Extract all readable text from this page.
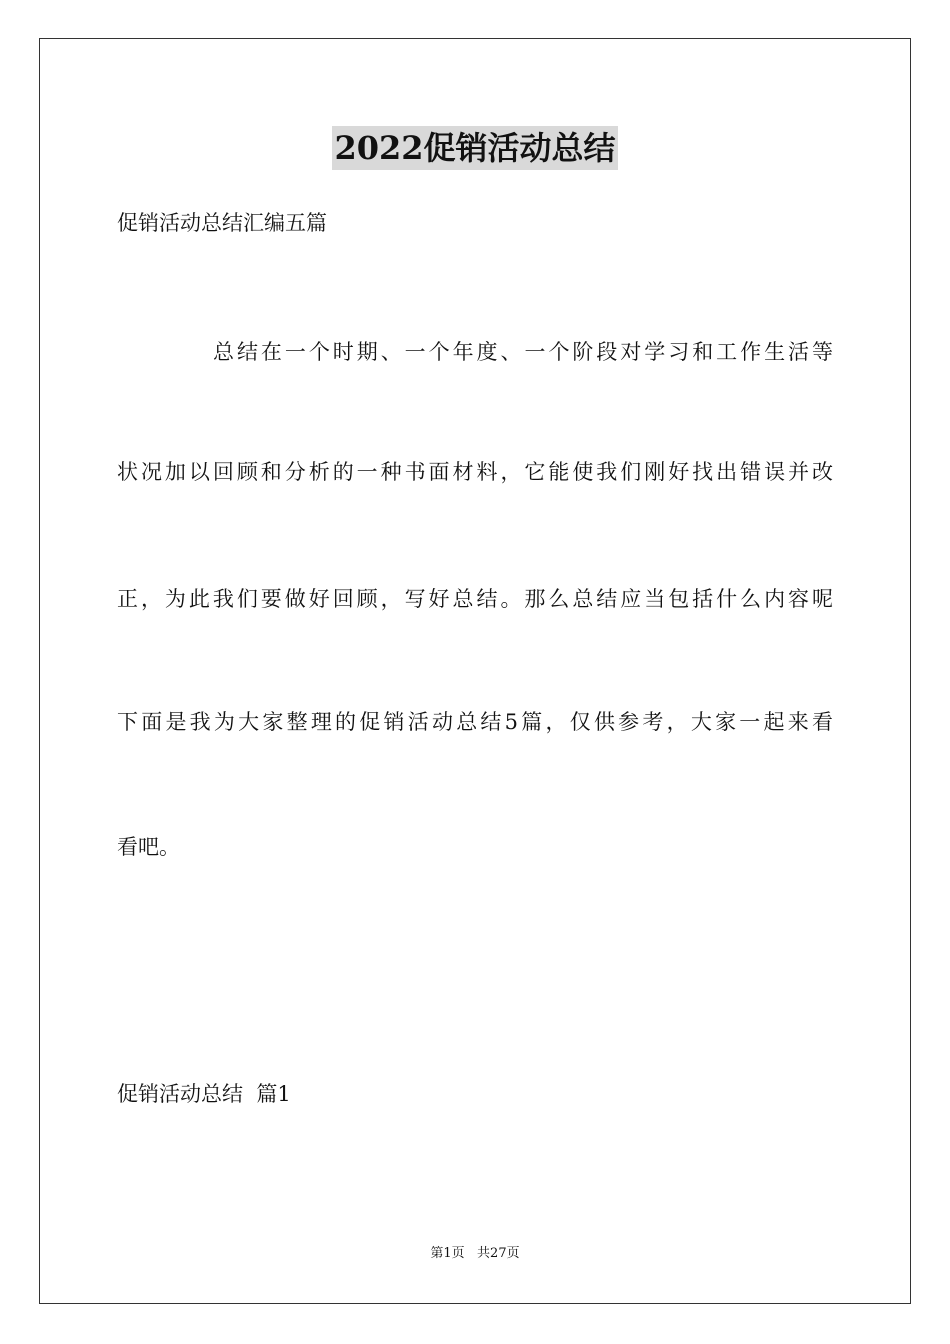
2022促销活动总结
促销活动总结汇编五篇
总结在一个时期、一个年度、一个阶段对学习和工作生活等
状况加以回顾和分析的一种书面材料，它能使我们刚好找出错误并改
正，为此我们要做好回顾，写好总结。那么总结应当包括什么内容呢
下面是我为大家整理的促销活动总结5篇，仅供参考，大家一起来看
看吧。
促销活动总结  篇1
第1页   共27页
